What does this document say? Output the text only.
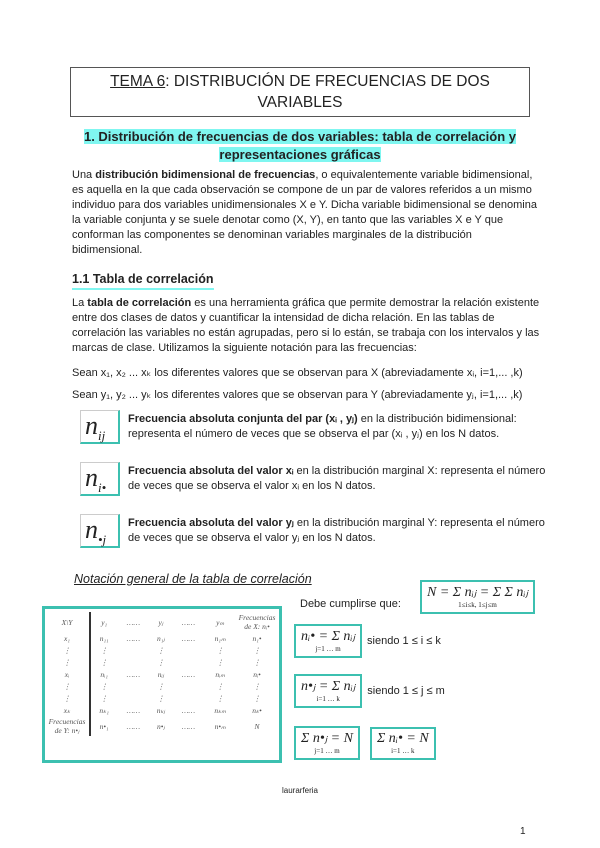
TEMA 6: DISTRIBUCIÓN DE FRECUENCIAS DE DOS VARIABLES
1. Distribución de frecuencias de dos variables: tabla de correlación y
representaciones gráficas
Una distribución bidimensional de frecuencias, o equivalentemente variable bidimensional, es aquella en la que cada observación se compone de un par de valores referidos a un mismo individuo para dos variables unidimensionales X e Y. Dicha variable bidimensional se denomina la variable conjunta y se suele denotar como (X, Y), en tanto que las variables X e Y que conforman las componentes se denominan variables marginales de la distribución bidimensional.
1.1 Tabla de correlación
La tabla de correlación es una herramienta gráfica que permite demostrar la relación existente entre dos clases de datos y cuantificar la intensidad de dicha relación. En las tablas de correlación las variables no están agrupadas, pero si lo están, se trabaja con los intervalos y las marcas de clase. Utilizamos la siguiente notación para las frecuencias:
Sean x₁, x₂ ... xₖ los diferentes valores que se observan para X (abreviadamente xᵢ, i=1,... ,k)
Sean y₁, y₂ ... yₖ los diferentes valores que se observan para Y (abreviadamente yⱼ, i=1,... ,k)
$n_{ij}$
Frecuencia absoluta conjunta del par (xᵢ , yⱼ) en la distribución bidimensional: representa el número de veces que se observa el par (xᵢ , yⱼ) en los N datos.
$n_{i•}$
Frecuencia absoluta del valor xᵢ en la distribución marginal X: representa el número de veces que se observa el valor xᵢ en los N datos.
$n_{•j}$
Frecuencia absoluta del valor yⱼ en la distribución marginal Y: representa el número de veces que se observa el valor yⱼ en los N datos.
Notación general de la tabla de correlación
X\Y		y₁	……	yⱼ	……	yₘ	Frecuencias de X: nᵢ•
x₁		n₁₁	……	n₁ⱼ	……	n₁ₘ	n₁•
⋮		⋮		⋮		⋮	⋮
⋮		⋮		⋮		⋮	⋮
xᵢ		nᵢ₁	……	nᵢⱼ	……	nᵢₘ	nᵢ•
⋮		⋮		⋮		⋮	⋮
⋮		⋮		⋮		⋮	⋮
xₖ		nₖ₁	……	nₖⱼ	……	nₖₘ	nₖ•
Frecuencias de Y: n•ⱼ		n•₁	……	n•ⱼ	……	n•ₘ	N
Debe cumplirse que:
N = Σ nᵢⱼ = Σ Σ nᵢⱼ
1≤i≤k, 1≤j≤m
nᵢ• = Σ nᵢⱼ
j=1 … m
siendo 1 ≤ i ≤ k
n•ⱼ = Σ nᵢⱼ
i=1 … k
siendo 1 ≤ j ≤ m
Σ n•ⱼ = N
j=1 … m
Σ nᵢ• = N
i=1 … k
laurarferia
1
